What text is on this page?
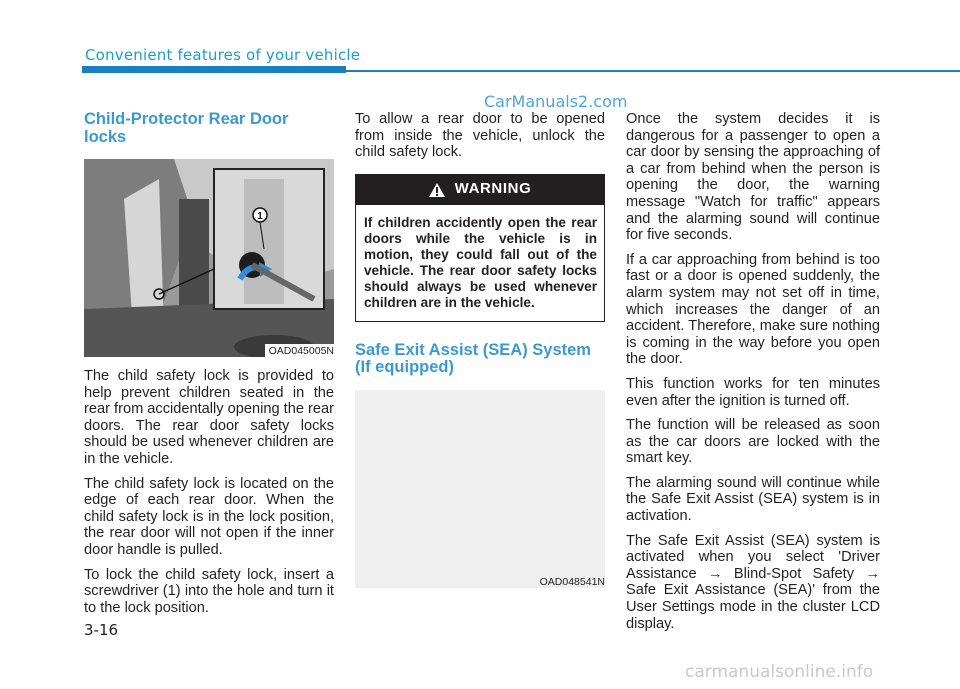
Convenient features of your vehicle
CarManuals2.com
Child-Protector Rear Door locks
1
OAD045005N

The child safety lock is provided to help prevent children seated in the rear from accidentally opening the rear doors. The rear door safety locks should be used whenever children are in the vehicle.

The child safety lock is located on the edge of each rear door. When the child safety lock is in the lock position, the rear door will not open if the inner door handle is pulled.

To lock the child safety lock, insert a screwdriver (1) into the hole and turn it to the lock position.

To allow a rear door to be opened from inside the vehicle, unlock the child safety lock.

WARNING
If children accidently open the rear doors while the vehicle is in motion, they could fall out of the vehicle. The rear door safety locks should always be used whenever children are in the vehicle.
Safe Exit Assist (SEA) System (If equipped)
OAD048541N

Once the system decides it is dangerous for a passenger to open a car door by sensing the approaching of a car from behind when the person is opening the door, the warning message "Watch for traffic" appears and the alarming sound will continue for five seconds.

If a car approaching from behind is too fast or a door is opened suddenly, the alarm system may not set off in time, which increases the danger of an accident. Therefore, make sure nothing is coming in the way before you open the door.

This function works for ten minutes even after the ignition is turned off.

The function will be released as soon as the car doors are locked with the smart key.

The alarming sound will continue while the Safe Exit Assist (SEA) system is in activation.

The Safe Exit Assist (SEA) system is activated when you select 'Driver Assistance → Blind-Spot Safety → Safe Exit Assistance (SEA)' from the User Settings mode in the cluster LCD display.

3-16
carmanualsonline.info
